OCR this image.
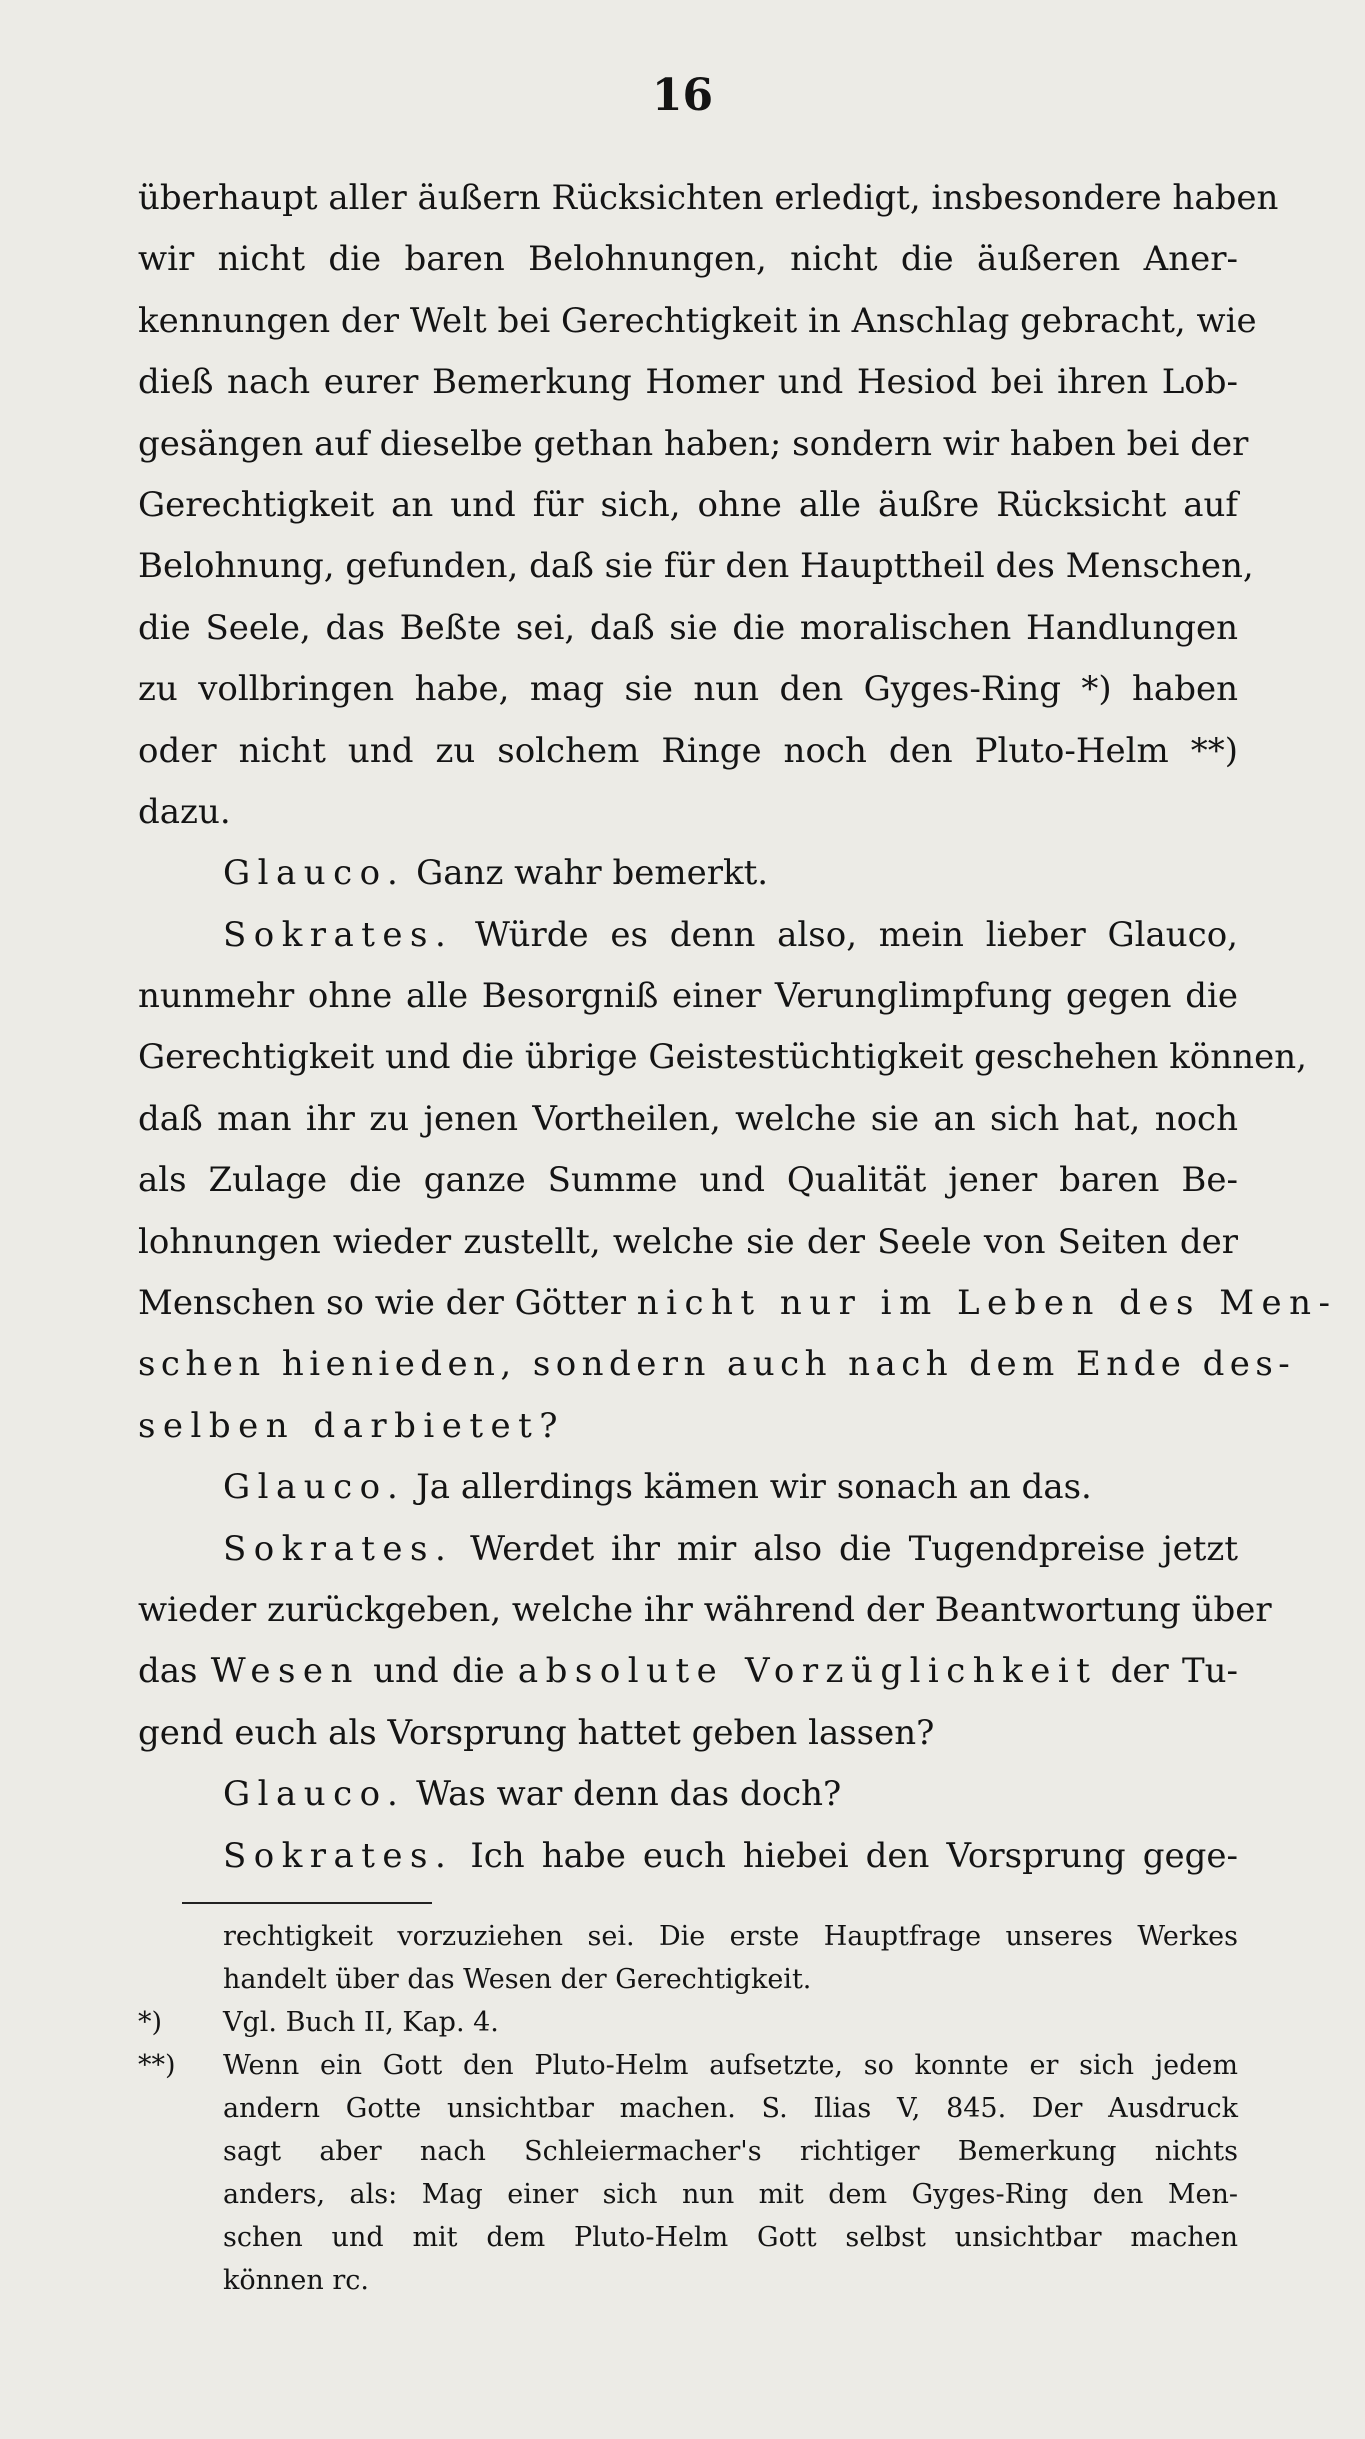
16
überhaupt aller äußern Rücksichten erledigt, insbesondere haben
wir nicht die baren Belohnungen, nicht die äußeren Aner-
kennungen der Welt bei Gerechtigkeit in Anschlag gebracht, wie
dieß nach eurer Bemerkung Homer und Hesiod bei ihren Lob-
gesängen auf dieselbe gethan haben; sondern wir haben bei der
Gerechtigkeit an und für sich, ohne alle äußre Rücksicht auf
Belohnung, gefunden, daß sie für den Haupttheil des Menschen,
die Seele, das Beßte sei, daß sie die moralischen Handlungen
zu vollbringen habe, mag sie nun den Gyges-Ring *) haben
oder nicht und zu solchem Ringe noch den Pluto-Helm **)
dazu.
Glauco. Ganz wahr bemerkt.
Sokrates. Würde es denn also, mein lieber Glauco,
nunmehr ohne alle Besorgniß einer Verunglimpfung gegen die
Gerechtigkeit und die übrige Geistestüchtigkeit geschehen können,
daß man ihr zu jenen Vortheilen, welche sie an sich hat, noch
als Zulage die ganze Summe und Qualität jener baren Be-
lohnungen wieder zustellt, welche sie der Seele von Seiten der
Menschen so wie der Götter nicht nur im Leben des Men-
schen hienieden, sondern auch nach dem Ende des-
selben darbietet?
Glauco. Ja allerdings kämen wir sonach an das.
Sokrates. Werdet ihr mir also die Tugendpreise jetzt
wieder zurückgeben, welche ihr während der Beantwortung über
das Wesen und die absolute Vorzüglichkeit der Tu-
gend euch als Vorsprung hattet geben lassen?
Glauco. Was war denn das doch?
Sokrates. Ich habe euch hiebei den Vorsprung gege-
rechtigkeit vorzuziehen sei. Die erste Hauptfrage unseres Werkes
handelt über das Wesen der Gerechtigkeit.
*)	Vgl. Buch II, Kap. 4.
**)	Wenn ein Gott den Pluto-Helm aufsetzte, so konnte er sich jedem
andern Gotte unsichtbar machen. S. Ilias V, 845. Der Ausdruck
sagt aber nach Schleiermacher's richtiger Bemerkung nichts
anders, als: Mag einer sich nun mit dem Gyges-Ring den Men-
schen und mit dem Pluto-Helm Gott selbst unsichtbar machen
können rc.
